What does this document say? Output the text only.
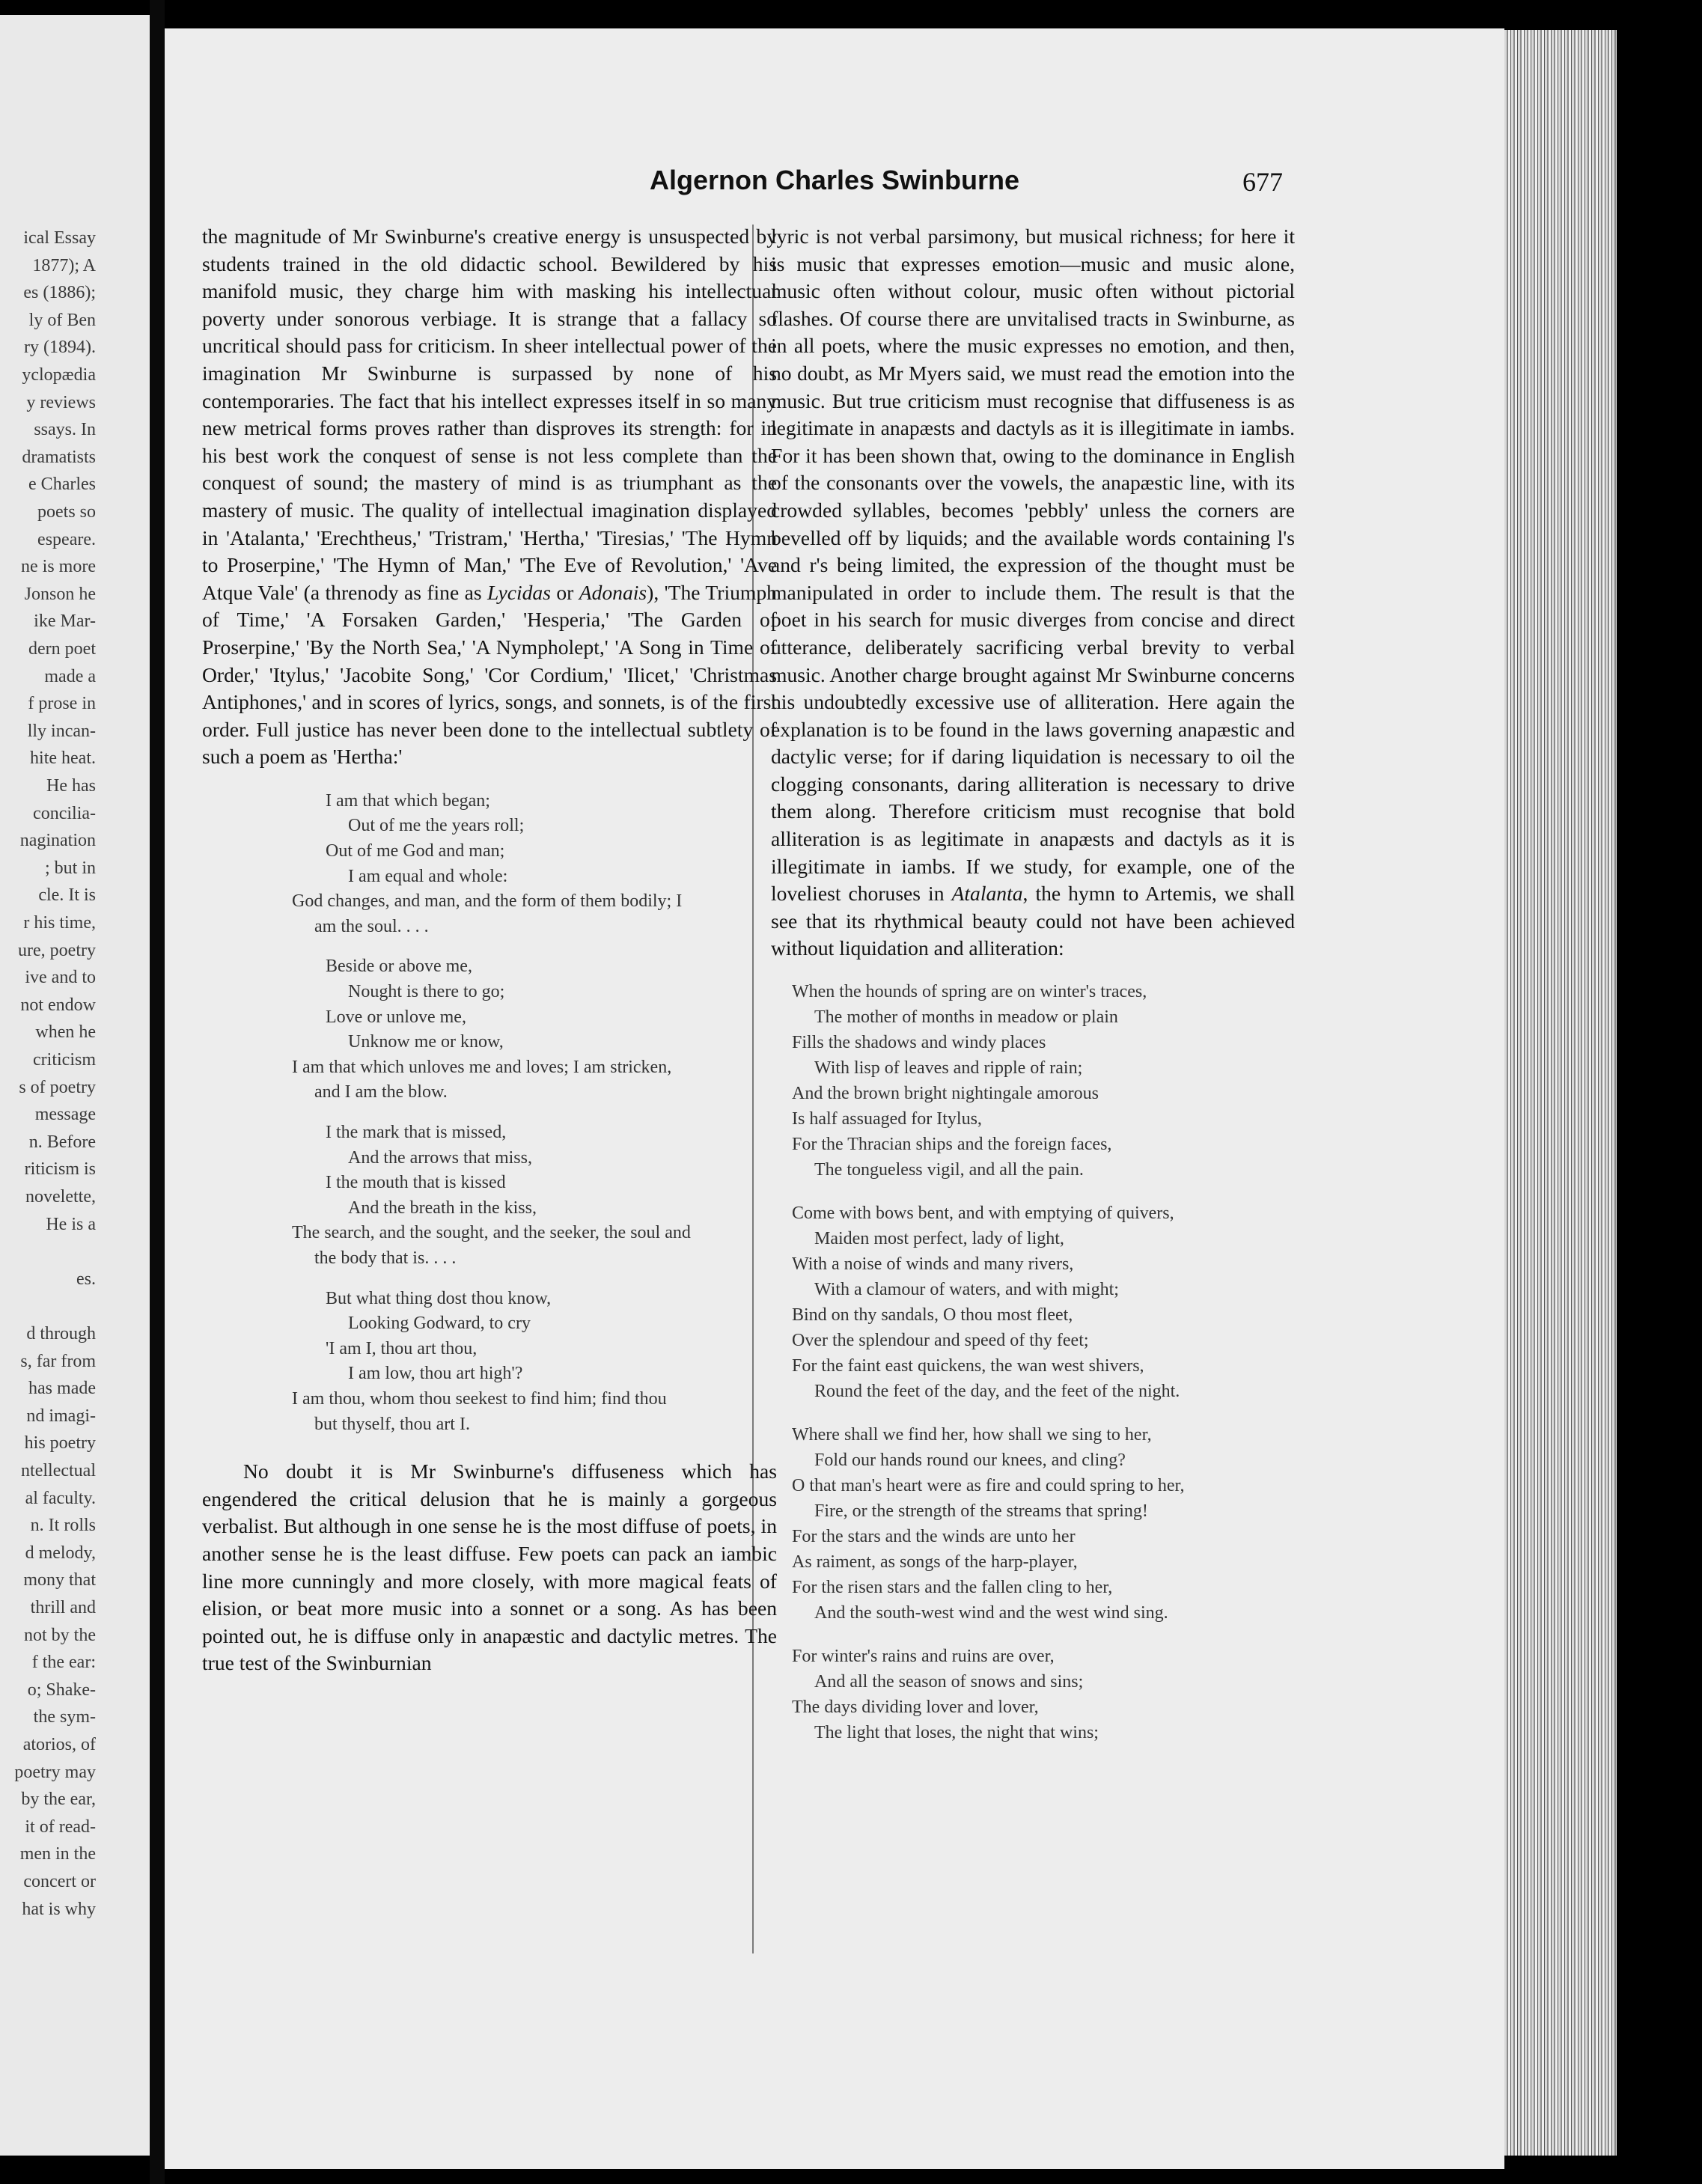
ical Essay
1877); A
es (1886);
ly of Ben
ry (1894).
yclopædia
y reviews
ssays. In
dramatists
e Charles
poets so
espeare.
ne is more
Jonson he
ike Mar-
dern poet
made a
f prose in
lly incan-
hite heat.
He has
concilia-
nagination
; but in
cle. It is
r his time,
ure, poetry
ive and to
not endow
when he
criticism
s of poetry
message
n. Before
riticism is
novelette,
He is a
es.
d through
s, far from
has made
nd imagi-
his poetry
ntellectual
al faculty.
n. It rolls
d melody,
mony that
thrill and
not by the
f the ear:
o; Shake-
the sym-
atorios, of
poetry may
by the ear,
it of read-
men in the
concert or
hat is why
Algernon Charles Swinburne	677

the magnitude of Mr Swinburne's creative energy is unsuspected by students trained in the old didactic school. Bewildered by his manifold music, they charge him with masking his intellectual poverty under sonorous verbiage. It is strange that a fallacy so uncritical should pass for criticism. In sheer intellectual power of the imagination Mr Swinburne is surpassed by none of his contemporaries. The fact that his intellect expresses itself in so many new metrical forms proves rather than disproves its strength: for in his best work the conquest of sense is not less complete than the conquest of sound; the mastery of mind is as triumphant as the mastery of music. The quality of intellectual imagination displayed in 'Atalanta,' 'Erechtheus,' 'Tristram,' 'Hertha,' 'Tiresias,' 'The Hymn to Proserpine,' 'The Hymn of Man,' 'The Eve of Revolution,' 'Ave Atque Vale' (a threnody as fine as Lycidas or Adonais), 'The Triumph of Time,' 'A Forsaken Garden,' 'Hesperia,' 'The Garden of Proserpine,' 'By the North Sea,' 'A Nympholept,' 'A Song in Time of Order,' 'Itylus,' 'Jacobite Song,' 'Cor Cordium,' 'Ilicet,' 'Christmas Antiphones,' and in scores of lyrics, songs, and sonnets, is of the first order. Full justice has never been done to the intellectual subtlety of such a poem as 'Hertha:'

I am that which began;
Out of me the years roll;
Out of me God and man;
I am equal and whole:
God changes, and man, and the form of them bodily; I
am the soul. . . .
Beside or above me,
Nought is there to go;
Love or unlove me,
Unknow me or know,
I am that which unloves me and loves; I am stricken,
and I am the blow.
I the mark that is missed,
And the arrows that miss,
I the mouth that is kissed
And the breath in the kiss,
The search, and the sought, and the seeker, the soul and
the body that is. . . .
But what thing dost thou know,
Looking Godward, to cry
'I am I, thou art thou,
I am low, thou art high'?
I am thou, whom thou seekest to find him; find thou
but thyself, thou art I.

No doubt it is Mr Swinburne's diffuseness which has engendered the critical delusion that he is mainly a gorgeous verbalist. But although in one sense he is the most diffuse of poets, in another sense he is the least diffuse. Few poets can pack an iambic line more cunningly and more closely, with more magical feats of elision, or beat more music into a sonnet or a song. As has been pointed out, he is diffuse only in anapæstic and dactylic metres. The true test of the Swinburnian

lyric is not verbal parsimony, but musical richness; for here it is music that expresses emotion—music and music alone, music often without colour, music often without pictorial flashes. Of course there are unvitalised tracts in Swinburne, as in all poets, where the music expresses no emotion, and then, no doubt, as Mr Myers said, we must read the emotion into the music. But true criticism must recognise that diffuseness is as legitimate in anapæsts and dactyls as it is illegitimate in iambs. For it has been shown that, owing to the dominance in English of the consonants over the vowels, the anapæstic line, with its crowded syllables, becomes 'pebbly' unless the corners are bevelled off by liquids; and the available words containing l's and r's being limited, the expression of the thought must be manipulated in order to include them. The result is that the poet in his search for music diverges from concise and direct utterance, deliberately sacrificing verbal brevity to verbal music. Another charge brought against Mr Swinburne concerns his undoubtedly excessive use of alliteration. Here again the explanation is to be found in the laws governing anapæstic and dactylic verse; for if daring liquidation is necessary to oil the clogging consonants, daring alliteration is necessary to drive them along. Therefore criticism must recognise that bold alliteration is as legitimate in anapæsts and dactyls as it is illegitimate in iambs. If we study, for example, one of the loveliest choruses in Atalanta, the hymn to Artemis, we shall see that its rhythmical beauty could not have been achieved without liquidation and alliteration:

When the hounds of spring are on winter's traces,
The mother of months in meadow or plain
Fills the shadows and windy places
With lisp of leaves and ripple of rain;
And the brown bright nightingale amorous
Is half assuaged for Itylus,
For the Thracian ships and the foreign faces,
The tongueless vigil, and all the pain.
Come with bows bent, and with emptying of quivers,
Maiden most perfect, lady of light,
With a noise of winds and many rivers,
With a clamour of waters, and with might;
Bind on thy sandals, O thou most fleet,
Over the splendour and speed of thy feet;
For the faint east quickens, the wan west shivers,
Round the feet of the day, and the feet of the night.
Where shall we find her, how shall we sing to her,
Fold our hands round our knees, and cling?
O that man's heart were as fire and could spring to her,
Fire, or the strength of the streams that spring!
For the stars and the winds are unto her
As raiment, as songs of the harp-player,
For the risen stars and the fallen cling to her,
And the south-west wind and the west wind sing.
For winter's rains and ruins are over,
And all the season of snows and sins;
The days dividing lover and lover,
The light that loses, the night that wins;
